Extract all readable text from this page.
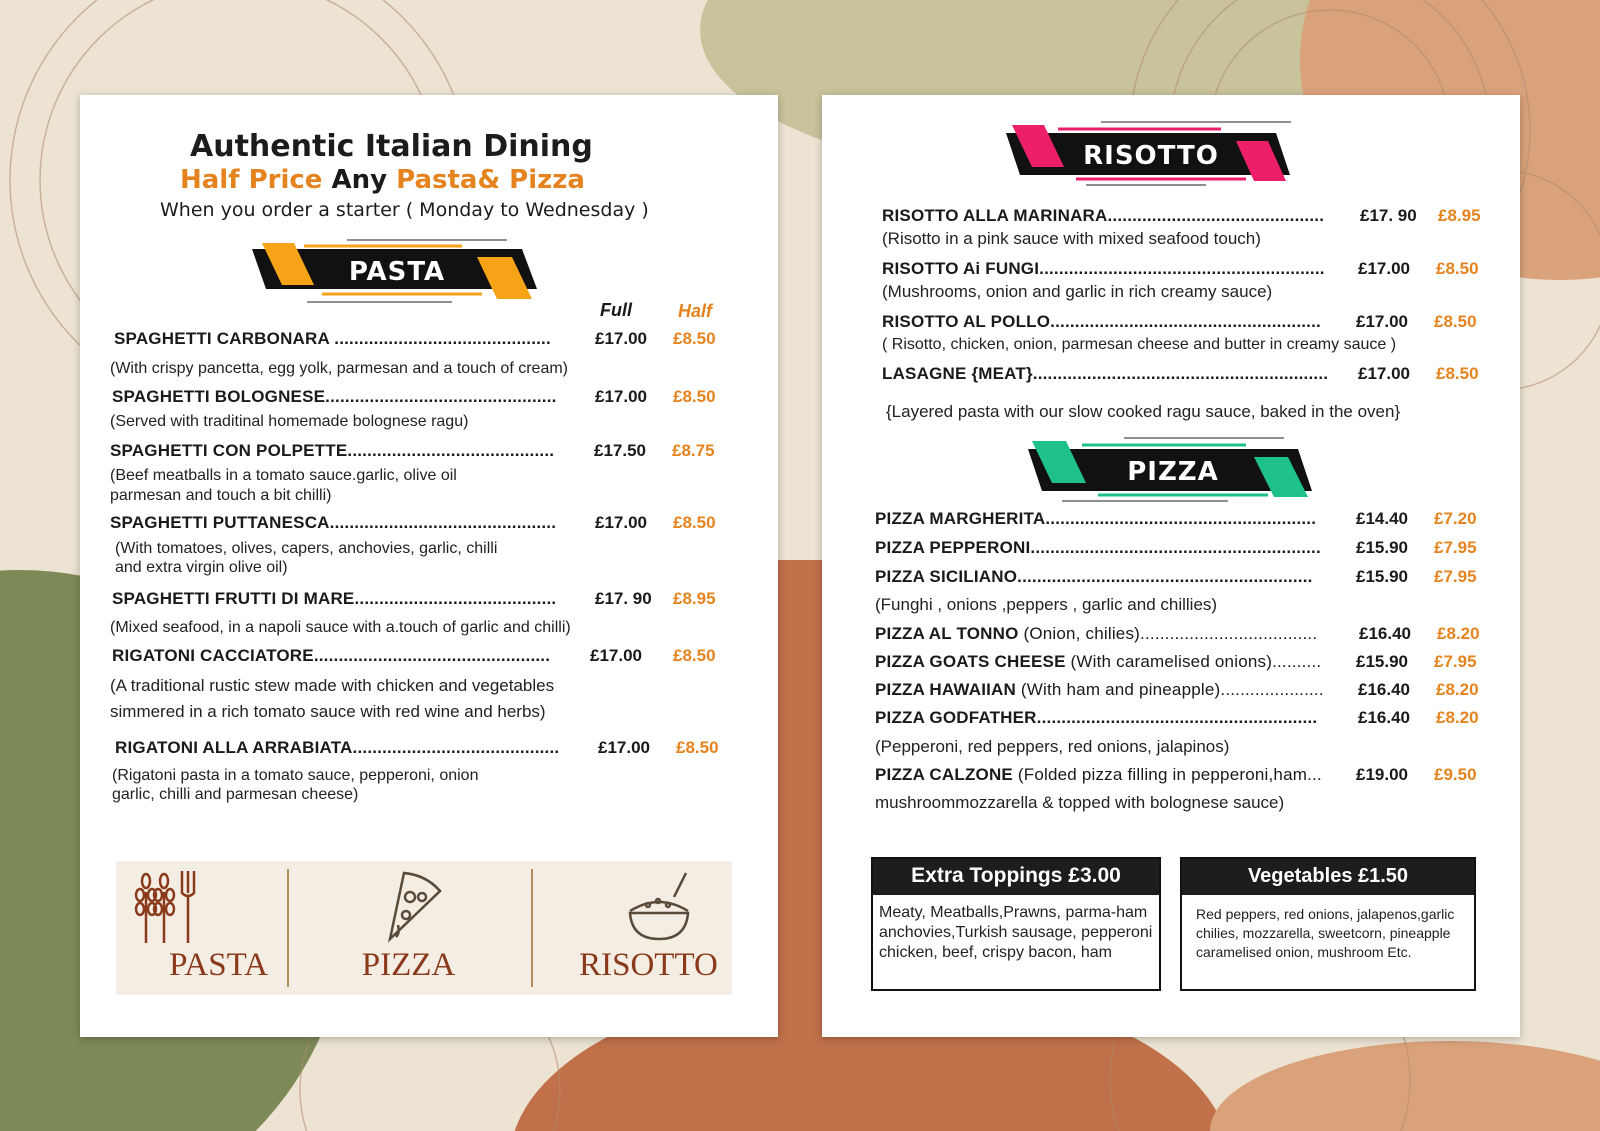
Authentic Italian Dining
Half Price Any Pasta& Pizza
When you order a starter ( Monday to Wednesday )
PASTA
Full	Half
SPAGHETTI CARBONARA ............................................	£17.00 £8.50
(With crispy pancetta, egg yolk, parmesan and a touch of cream)
SPAGHETTI BOLOGNESE............................................... £17.00 £8.50
(Served with traditinal homemade bolognese ragu)
SPAGHETTI CON POLPETTE.......................................... £17.50 £8.75
(Beef meatballs in a tomato sauce.garlic, olive oil
parmesan and touch a bit chilli)
SPAGHETTI PUTTANESCA.............................................. £17.00 £8.50
(With tomatoes, olives, capers, anchovies, garlic, chilli
and extra virgin olive oil)
SPAGHETTI FRUTTI DI MARE......................................... £17. 90 £8.95
(Mixed seafood, in a napoli sauce with a.touch of garlic and chilli)
RIGATONI CACCIATORE................................................ £17.00 £8.50
(A traditional rustic stew made with chicken and vegetables
simmered in a rich tomato sauce with red wine and herbs)
RIGATONI ALLA ARRABIATA.......................................... £17.00 £8.50
(Rigatoni pasta in a tomato sauce, pepperoni, onion
garlic, chilli and parmesan cheese)
PASTA	PIZZA	RISOTTO
RISOTTO
RISOTTO ALLA MARINARA............................................ £17. 90 £8.95
(Risotto in a pink sauce with mixed seafood touch)
RISOTTO Ai FUNGI.......................................................... £17.00 £8.50
(Mushrooms, onion and garlic in rich creamy sauce)
RISOTTO AL POLLO....................................................... £17.00 £8.50
( Risotto, chicken, onion, parmesan cheese and butter in creamy sauce )
LASAGNE {MEAT}............................................................ £17.00 £8.50
{Layered pasta with our slow cooked ragu sauce, baked in the oven}
PIZZA
PIZZA MARGHERITA....................................................... £14.40 £7.20
PIZZA PEPPERONI........................................................... £15.90 £7.95
PIZZA SICILIANO............................................................	£15.90 £7.95
(Funghi , onions ,peppers , garlic and chillies)
PIZZA AL TONNO (Onion, chilies).................................... £16.40 £8.20
PIZZA GOATS CHEESE (With caramelised onions).......... £15.90 £7.95
PIZZA HAWAIIAN (With ham and pineapple)..................... £16.40 £8.20
PIZZA GODFATHER......................................................... £16.40 £8.20
(Pepperoni, red peppers, red onions, jalapinos)
PIZZA CALZONE (Folded pizza filling in pepperoni,ham... £19.00 £9.50
mushroommozzarella & topped with bolognese sauce)
Extra Toppings £3.00
Meaty, Meatballs,Prawns, parma-ham
anchovies,Turkish sausage, pepperoni
chicken, beef, crispy bacon, ham
Vegetables £1.50
Red peppers, red onions, jalapenos,garlic
chilies, mozzarella, sweetcorn, pineapple
caramelised onion, mushroom Etc.
